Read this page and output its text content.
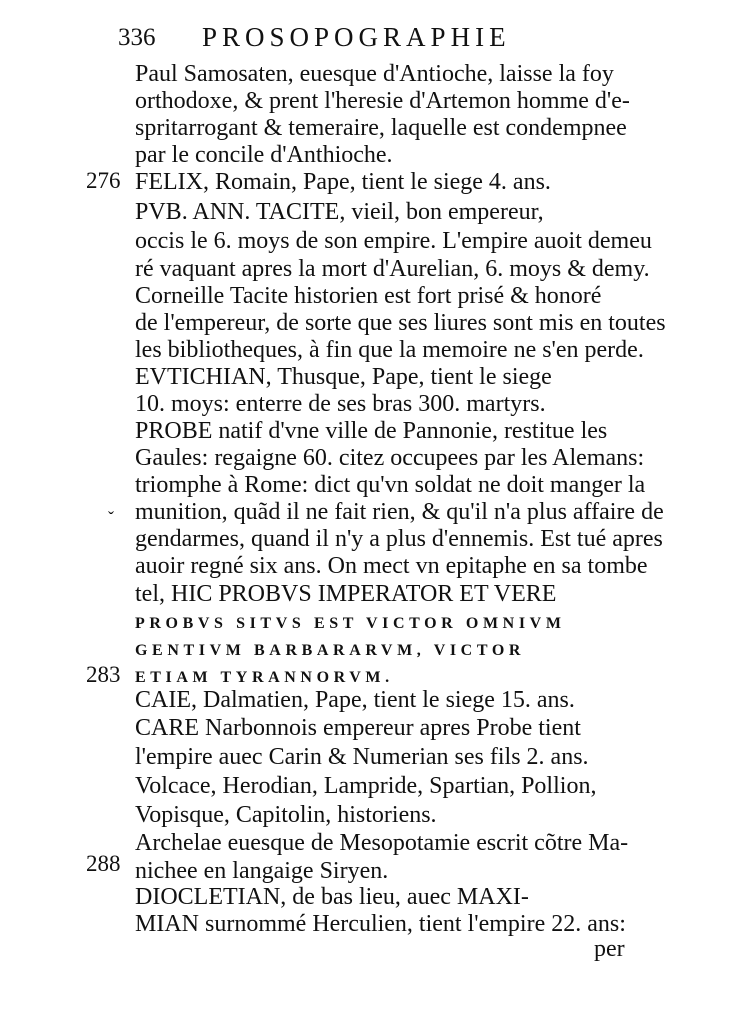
336 PROSOPOGRAPHIE
276
283
288
ˇ
Paul Samosaten, euesque d'Antioche, laisse la foy
orthodoxe, & prent l'heresie d'Artemon homme d'e-
spritarrogant & temeraire, laquelle est condempnee
par le concile d'Anthioche.
FELIX, Romain, Pape, tient le siege 4. ans.
PVB. ANN. TACITE, vieil, bon empereur,
occis le 6. moys de son empire. L'empire auoit demeu
ré vaquant apres la mort d'Aurelian, 6. moys & demy.
Corneille Tacite historien est fort prisé & honoré
de l'empereur, de sorte que ses liures sont mis en toutes
les bibliotheques, à fin que la memoire ne s'en perde.
EVTICHIAN, Thusque, Pape, tient le siege
10. moys: enterre de ses bras 300. martyrs.
PROBE natif d'vne ville de Pannonie, restitue les
Gaules: regaigne 60. citez occupees par les Alemans:
triomphe à Rome: dict qu'vn soldat ne doit manger la
munition, quãd il ne fait rien, & qu'il n'a plus affaire de
gendarmes, quand il n'y a plus d'ennemis. Est tué apres
auoir regné six ans. On mect vn epitaphe en sa tombe
tel, HIC PROBVS IMPERATOR ET VERE
PROBVS SITVS EST VICTOR OMNIVM
GENTIVM BARBARARVM, VICTOR
ETIAM TYRANNORVM.
CAIE, Dalmatien, Pape, tient le siege 15. ans.
CARE Narbonnois empereur apres Probe tient
l'empire auec Carin & Numerian ses fils 2. ans.
Volcace, Herodian, Lampride, Spartian, Pollion,
Vopisque, Capitolin, historiens.
Archelae euesque de Mesopotamie escrit cõtre Ma-
nichee en langaige Siryen.
DIOCLETIAN, de bas lieu, auec MAXI-
MIAN surnommé Herculien, tient l'empire 22. ans:
per
